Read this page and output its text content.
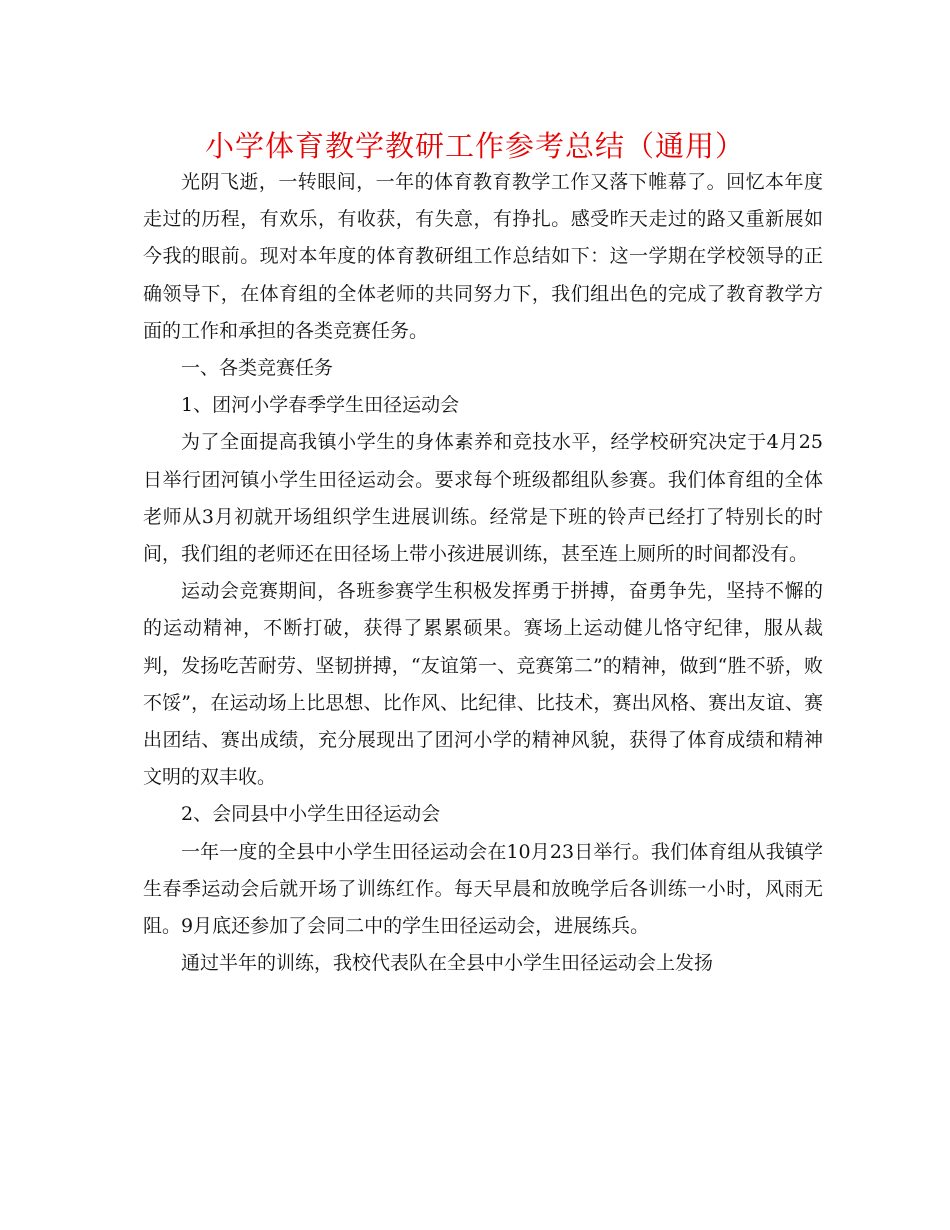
小学体育教学教研工作参考总结（通用）

光阴飞逝，一转眼间，一年的体育教育教学工作又落下帷幕了。回忆本年度走过的历程，有欢乐，有收获，有失意，有挣扎。感受昨天走过的路又重新展如今我的眼前。现对本年度的体育教研组工作总结如下：这一学期在学校领导的正确领导下，在体育组的全体老师的共同努力下，我们组出色的完成了教育教学方面的工作和承担的各类竞赛任务。

一、各类竞赛任务

1、团河小学春季学生田径运动会

为了全面提高我镇小学生的身体素养和竞技水平，经学校研究决定于4月25日举行团河镇小学生田径运动会。要求每个班级都组队参赛。我们体育组的全体老师从3月初就开场组织学生进展训练。经常是下班的铃声已经打了特别长的时间，我们组的老师还在田径场上带小孩进展训练，甚至连上厕所的时间都没有。

运动会竞赛期间，各班参赛学生积极发挥勇于拼搏，奋勇争先，坚持不懈的的运动精神，不断打破，获得了累累硕果。赛场上运动健儿恪守纪律，服从裁判，发扬吃苦耐劳、坚韧拼搏，“友谊第一、竞赛第二”的精神，做到“胜不骄，败不馁”，在运动场上比思想、比作风、比纪律、比技术，赛出风格、赛出友谊、赛出团结、赛出成绩，充分展现出了团河小学的精神风貌，获得了体育成绩和精神文明的双丰收。

2、会同县中小学生田径运动会

一年一度的全县中小学生田径运动会在10月23日举行。我们体育组从我镇学生春季运动会后就开场了训练红作。每天早晨和放晚学后各训练一小时，风雨无阻。9月底还参加了会同二中的学生田径运动会，进展练兵。

通过半年的训练，我校代表队在全县中小学生田径运动会上发扬
